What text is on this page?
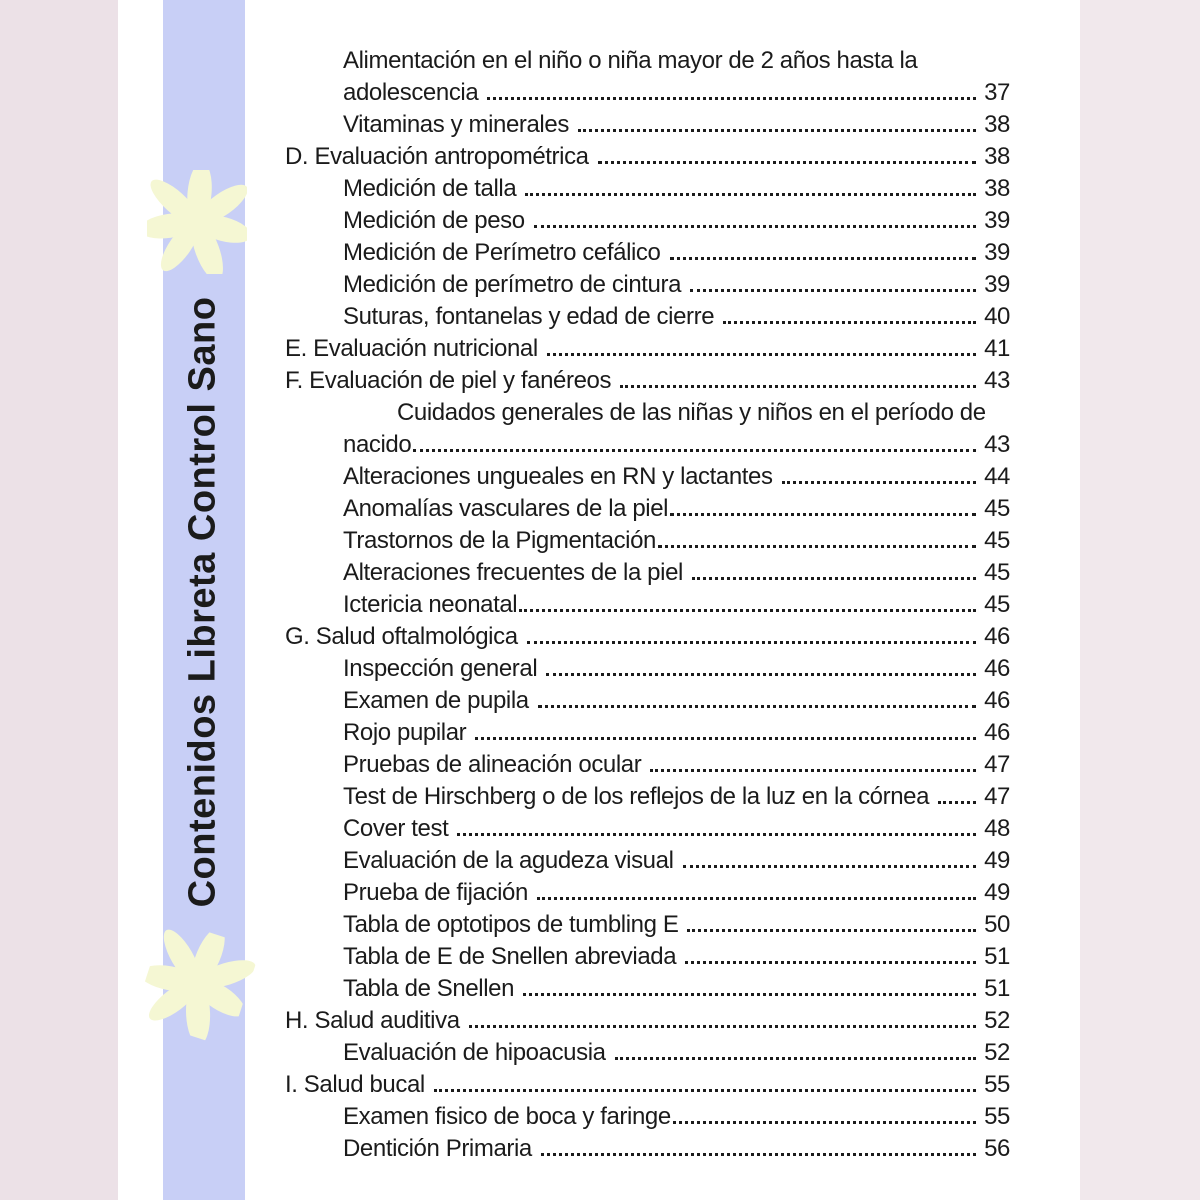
Contenidos Libreta Control Sano
Alimentación en el niño o niña mayor de 2 años hasta la
adolescencia	37
Vitaminas y minerales	38
D. Evaluación antropométrica	38
Medición de talla	38
Medición de peso	39
Medición de Perímetro cefálico	39
Medición de perímetro de cintura	39
Suturas, fontanelas y edad de cierre	40
E. Evaluación nutricional	41
F. Evaluación de piel y fanéreos	43
Cuidados generales de las niñas y niños en el período de
nacido	43
Alteraciones ungueales en RN y lactantes	44
Anomalías vasculares de la piel	45
Trastornos de la Pigmentación	45
Alteraciones frecuentes de la piel	45
Ictericia neonatal	45
G. Salud oftalmológica	46
Inspección general	46
Examen de pupila	46
Rojo pupilar	46
Pruebas de alineación ocular	47
Test de Hirschberg o de los reflejos de la luz en la córnea 47
Cover test	48
Evaluación de la agudeza visual	49
Prueba de fijación	49
Tabla de optotipos de tumbling E	50
Tabla de E de Snellen abreviada	51
Tabla de Snellen	51
H. Salud auditiva	52
Evaluación de hipoacusia	52
I. Salud bucal	55
Examen fisico de boca y faringe	55
Dentición Primaria	56
